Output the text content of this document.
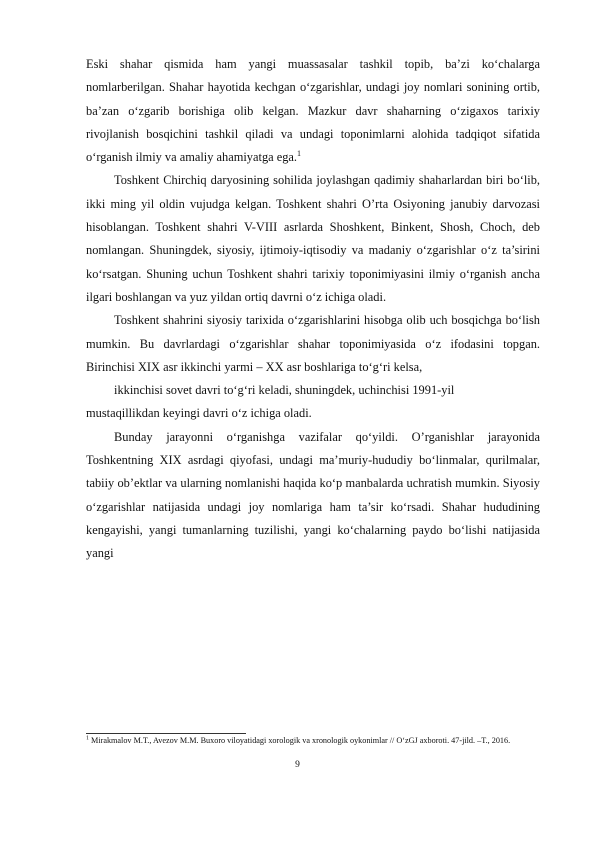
Eski shahar qismida ham yangi muassasalar tashkil topib, ba’zi ko‘chalarga nomlarberilgan. Shahar hayotida kechgan o‘zgarishlar, undagi joy nomlari sonining ortib, ba’zan o‘zgarib borishiga olib kelgan. Mazkur davr shaharning o‘zigaxos tarixiy rivojlanish bosqichini tashkil qiladi va undagi toponimlarni alohida tadqiqot sifatida o‘rganish ilmiy va amaliy ahamiyatga ega.$^1$

Toshkent Chirchiq daryosining sohilida joylashgan qadimiy shaharlardan biri bo‘lib, ikki ming yil oldin vujudga kelgan. Toshkent shahri O’rta Osiyoning janubiy darvozasi hisoblangan. Toshkent shahri V-VIII asrlarda Shoshkent, Binkent, Shosh, Choch, deb nomlangan. Shuningdek, siyosiy, ijtimoiy-iqtisodiy va madaniy o‘zgarishlar o‘z ta’sirini ko‘rsatgan. Shuning uchun Toshkent shahri tarixiy toponimiyasini ilmiy o‘rganish ancha ilgari boshlangan va yuz yildan ortiq davrni o‘z ichiga oladi.

Toshkent shahrini siyosiy tarixida o‘zgarishlarini hisobga olib uch bosqichga bo‘lish mumkin. Bu davrlardagi o‘zgarishlar shahar toponimiyasida o‘z ifodasini topgan. Birinchisi XIX asr ikkinchi yarmi – XX asr boshlariga to‘g‘ri kelsa,

ikkinchisi sovet davri to‘g‘ri keladi, shuningdek, uchinchisi 1991-yil

mustaqillikdan keyingi davri o‘z ichiga oladi.

Bunday jarayonni o‘rganishga vazifalar qo‘yildi. O’rganishlar jarayonida Toshkentning XIX asrdagi qiyofasi, undagi ma’muriy-hududiy bo‘linmalar, qurilmalar, tabiiy ob’ektlar va ularning nomlanishi haqida ko‘p manbalarda uchratish mumkin. Siyosiy o‘zgarishlar natijasida undagi joy nomlariga ham ta’sir ko‘rsadi. Shahar hududining kengayishi, yangi tumanlarning tuzilishi, yangi ko‘chalarning paydo bo‘lishi natijasida yangi

$^1$ Mirakmalov M.T., Avezov M.M. Buxoro viloyatidagi xorologik va xronologik oykonimlar // O‘zGJ axboroti. 47-jild. –T., 2016.
9
